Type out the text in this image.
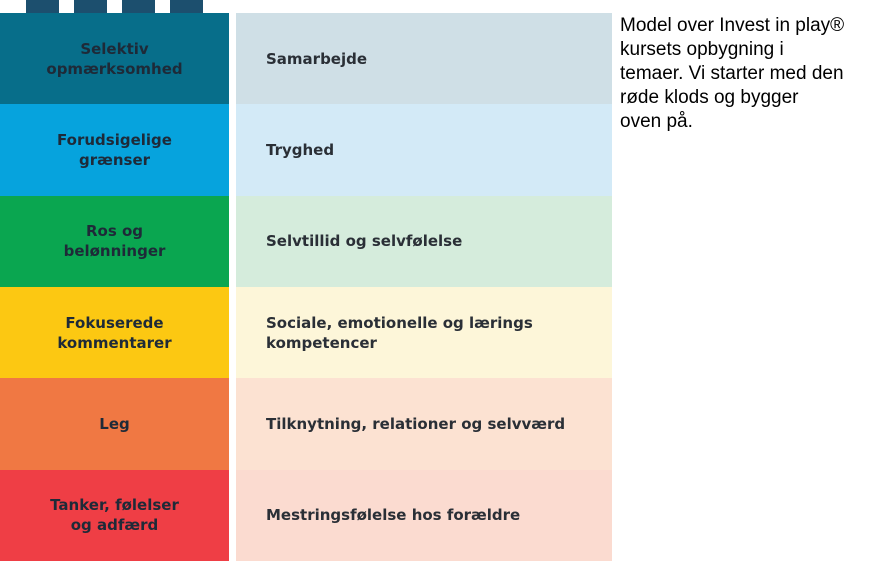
Selektiv
opmærksomhed
Forudsigelige
grænser
Ros og
belønninger
Fokuserede
kommentarer
Leg
Tanker, følelser
og adfærd
Samarbejde
Tryghed
Selvtillid og selvfølelse
Sociale, emotionelle og lærings
kompetencer
Tilknytning, relationer og selvværd
Mestringsfølelse hos forældre

Model over Invest in play®
kursets opbygning i
temaer. Vi starter med den
røde klods og bygger
oven på.
